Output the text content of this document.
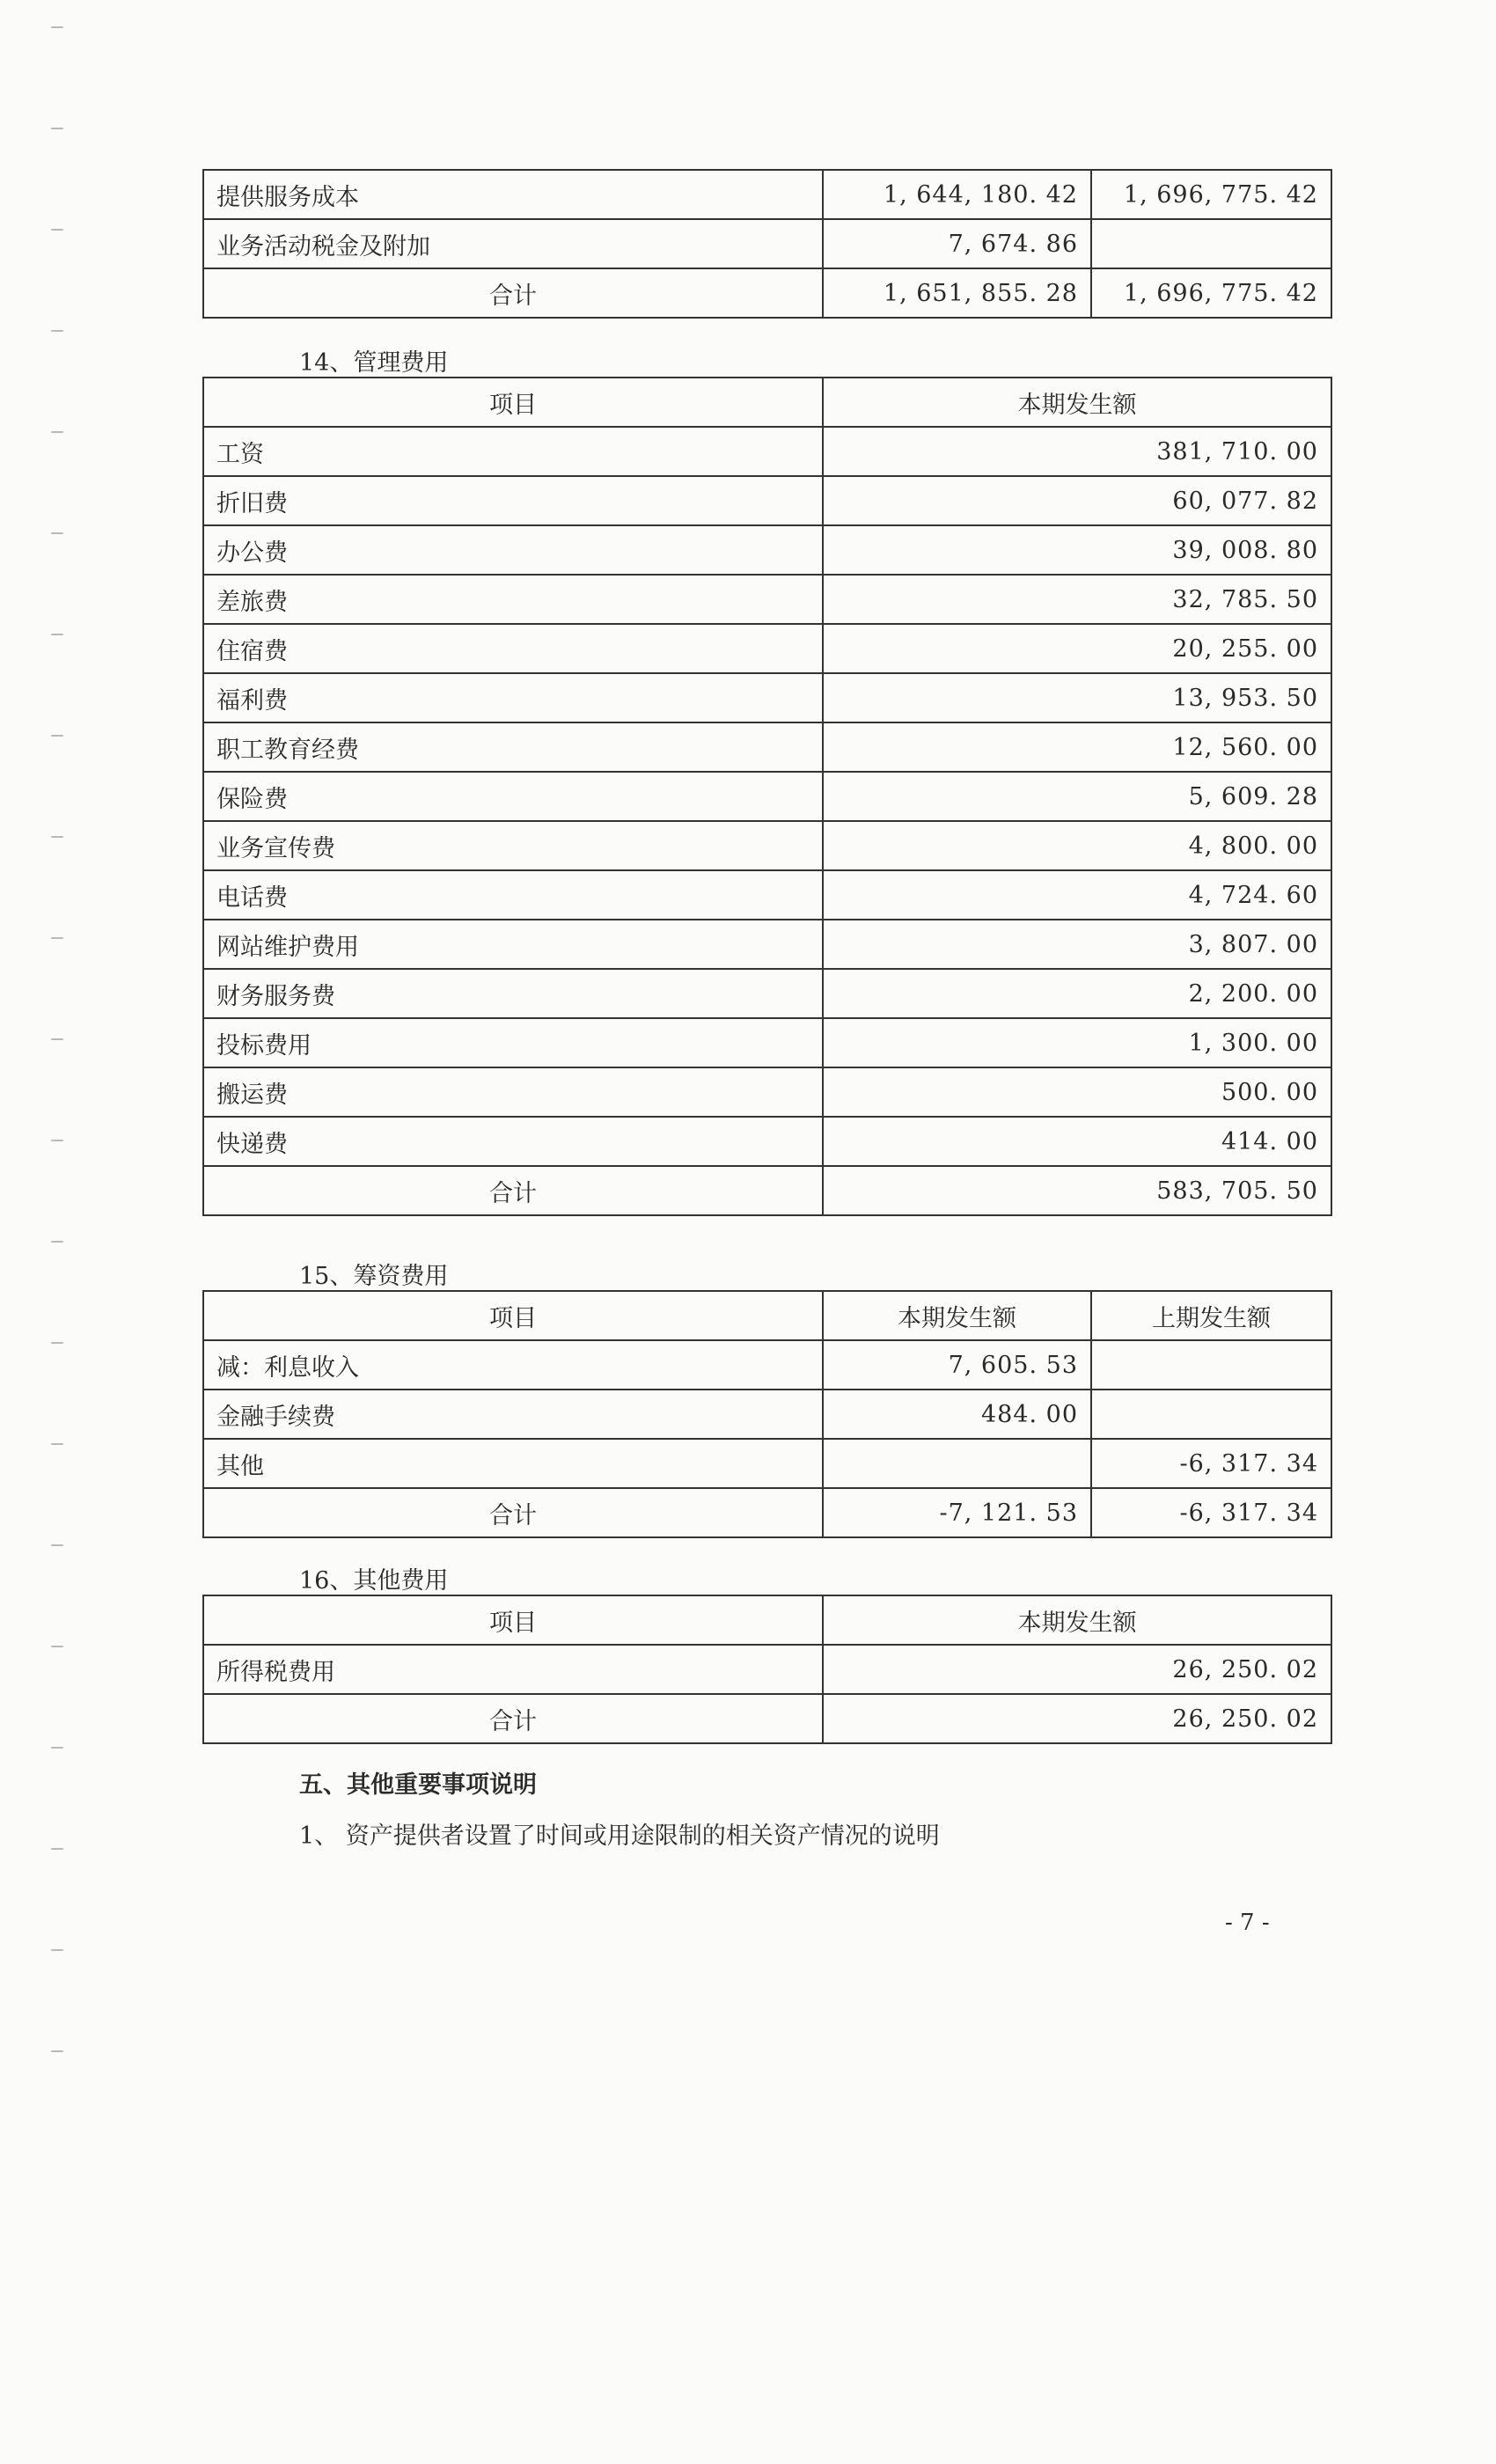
提供服务成本	1, 644, 180. 42	1, 696, 775. 42
业务活动税金及附加	7, 674. 86	
合计	1, 651, 855. 28	1, 696, 775. 42
14、管理费用
项目	本期发生额
工资	381, 710. 00
折旧费	60, 077. 82
办公费	39, 008. 80
差旅费	32, 785. 50
住宿费	20, 255. 00
福利费	13, 953. 50
职工教育经费	12, 560. 00
保险费	5, 609. 28
业务宣传费	4, 800. 00
电话费	4, 724. 60
网站维护费用	3, 807. 00
财务服务费	2, 200. 00
投标费用	1, 300. 00
搬运费	500. 00
快递费	414. 00
合计	583, 705. 50
15、筹资费用
项目	本期发生额	上期发生额
减：利息收入	7, 605. 53	
金融手续费	484. 00	
其他		-6, 317. 34
合计	-7, 121. 53	-6, 317. 34
16、其他费用
项目	本期发生额
所得税费用	26, 250. 02
合计	26, 250. 02
五、其他重要事项说明
1、 资产提供者设置了时间或用途限制的相关资产情况的说明
- 7 -
